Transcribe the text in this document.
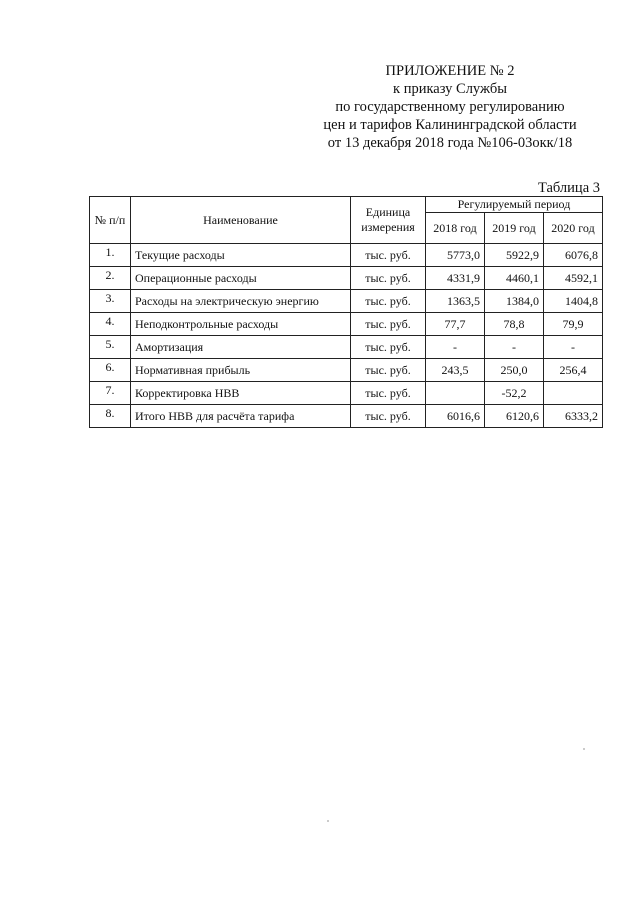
ПРИЛОЖЕНИЕ № 2
к приказу Службы
по государственному регулированию
цен и тарифов Калининградской области
от 13 декабря 2018 года №106-03окк/18
Таблица 3
№ п/п	Наименование	Единица измерения	Регулируемый период		
			2018 год	2019 год	2020 год
1.	Текущие расходы	тыс. руб.	5773,0	5922,9	6076,8
2.	Операционные расходы	тыс. руб.	4331,9	4460,1	4592,1
3.	Расходы на электрическую энергию	тыс. руб.	1363,5	1384,0	1404,8
4.	Неподконтрольные расходы	тыс. руб.	77,7	78,8	79,9
5.	Амортизация	тыс. руб.	-	-	-
6.	Нормативная прибыль	тыс. руб.	243,5	250,0	256,4
7.	Корректировка НВВ	тыс. руб.		-52,2	
8.	Итого НВВ для расчёта тарифа	тыс. руб.	6016,6	6120,6	6333,2
